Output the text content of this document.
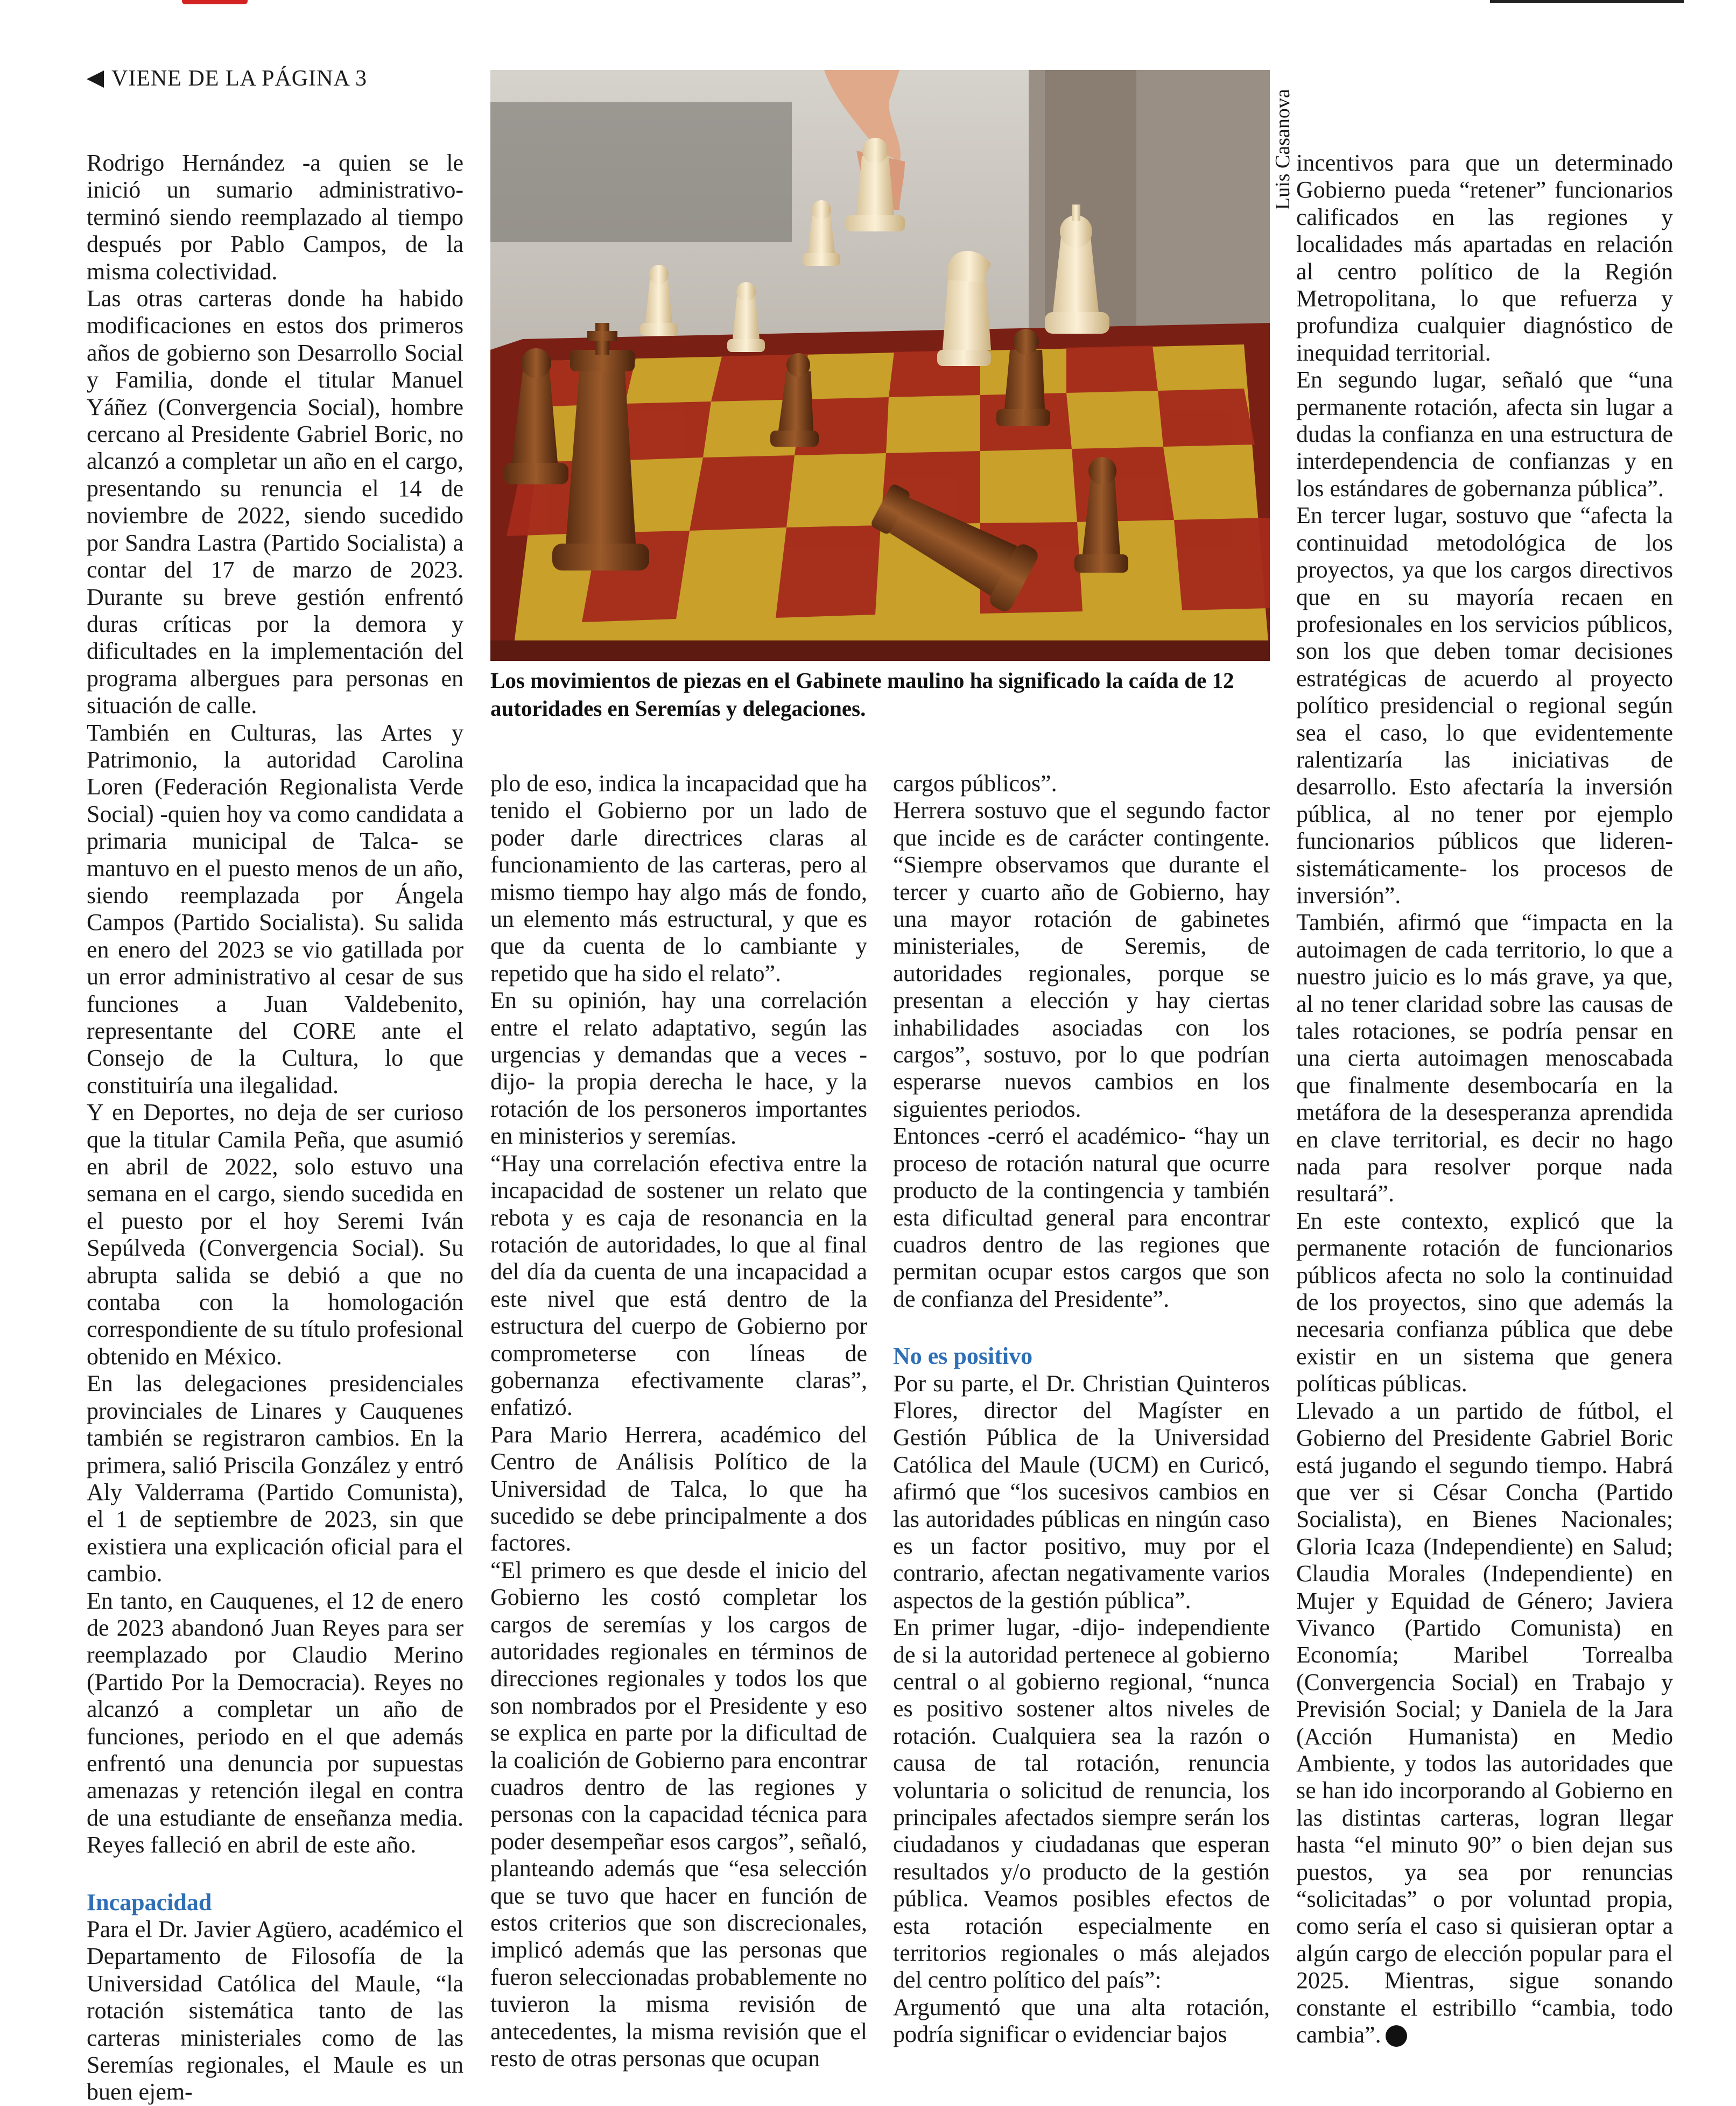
VIENE DE LA PÁGINA 3
Luis Casanova
Los movimientos de piezas en el Gabinete maulino ha significado la caída de 12 autoridades en Seremías y delegaciones.

Rodrigo Hernández -a quien se le inició un sumario administrativo- terminó siendo reemplazado al tiempo después por Pablo Campos, de la misma colectividad.

Las otras carteras donde ha habido modificaciones en estos dos primeros años de gobierno son Desarrollo Social y Familia, donde el titular Manuel Yáñez (Convergencia Social), hombre cercano al Presidente Gabriel Boric, no alcanzó a completar un año en el cargo, presentando su renuncia el 14 de noviembre de 2022, siendo sucedido por Sandra Lastra (Partido Socialista) a contar del 17 de marzo de 2023. Durante su breve gestión enfrentó duras críticas por la demora y dificultades en la implementación del programa albergues para personas en situación de calle.

También en Culturas, las Artes y Patrimonio, la autoridad Carolina Loren (Federación Regionalista Verde Social) -quien hoy va como candidata a primaria municipal de Talca- se mantuvo en el puesto menos de un año, siendo reemplazada por Ángela Campos (Partido Socialista). Su salida en enero del 2023 se vio gatillada por un error administrativo al cesar de sus funciones a Juan Valdebenito, representante del CORE ante el Consejo de la Cultura, lo que constituiría una ilegalidad.

Y en Deportes, no deja de ser curioso que la titular Camila Peña, que asumió en abril de 2022, solo estuvo una semana en el cargo, siendo sucedida en el puesto por el hoy Seremi Iván Sepúlveda (Convergencia Social). Su abrupta salida se debió a que no contaba con la homologación correspondiente de su título profesional obtenido en México.

En las delegaciones presidenciales provinciales de Linares y Cauquenes también se registraron cambios. En la primera, salió Priscila González y entró Aly Valderrama (Partido Comunista), el 1 de septiembre de 2023, sin que existiera una explicación oficial para el cambio.

En tanto, en Cauquenes, el 12 de enero de 2023 abandonó Juan Reyes para ser reemplazado por Claudio Merino (Partido Por la Democracia). Reyes no alcanzó a completar un año de funciones, periodo en el que además enfrentó una denuncia por supuestas amenazas y retención ilegal en contra de una estudiante de enseñanza media. Reyes falleció en abril de este año.

Incapacidad

Para el Dr. Javier Agüero, académico el Departamento de Filosofía de la Universidad Católica del Maule, “la rotación sistemática tanto de las carteras ministeriales como de las Seremías regionales, el Maule es un buen ejem-

plo de eso, indica la incapacidad que ha tenido el Gobierno por un lado de poder darle directrices claras al funcionamiento de las carteras, pero al mismo tiempo hay algo más de fondo, un elemento más estructural, y que es que da cuenta de lo cambiante y repetido que ha sido el relato”.

En su opinión, hay una correlación entre el relato adaptativo, según las urgencias y demandas que a veces -dijo- la propia derecha le hace, y la rotación de los personeros importantes en ministerios y seremías.

“Hay una correlación efectiva entre la incapacidad de sostener un relato que rebota y es caja de resonancia en la rotación de autoridades, lo que al final del día da cuenta de una incapacidad a este nivel que está dentro de la estructura del cuerpo de Gobierno por comprometerse con líneas de gobernanza efectivamente claras”, enfatizó.

Para Mario Herrera, académico del Centro de Análisis Político de la Universidad de Talca, lo que ha sucedido se debe principalmente a dos factores.

“El primero es que desde el inicio del Gobierno les costó completar los cargos de seremías y los cargos de autoridades regionales en términos de direcciones regionales y todos los que son nombrados por el Presidente y eso se explica en parte por la dificultad de la coalición de Gobierno para encontrar cuadros dentro de las regiones y personas con la capacidad técnica para poder desempeñar esos cargos”, señaló, planteando además que “esa selección que se tuvo que hacer en función de estos criterios que son discrecionales, implicó además que las personas que fueron seleccionadas probablemente no tuvieron la misma revisión de antecedentes, la misma revisión que el resto de otras personas que ocupan

cargos públicos”.

Herrera sostuvo que el segundo factor que incide es de carácter contingente. “Siempre observamos que durante el tercer y cuarto año de Gobierno, hay una mayor rotación de gabinetes ministeriales, de Seremis, de autoridades regionales, porque se presentan a elección y hay ciertas inhabilidades asociadas con los cargos”, sostuvo, por lo que podrían esperarse nuevos cambios en los siguientes periodos.

Entonces -cerró el académico- “hay un proceso de rotación natural que ocurre producto de la contingencia y también esta dificultad general para encontrar cuadros dentro de las regiones que permitan ocupar estos cargos que son de confianza del Presidente”.

No es positivo

Por su parte, el Dr. Christian Quinteros Flores, director del Magíster en Gestión Pública de la Universidad Católica del Maule (UCM) en Curicó, afirmó que “los sucesivos cambios en las autoridades públicas en ningún caso es un factor positivo, muy por el contrario, afectan negativamente varios aspectos de la gestión pública”.

En primer lugar, -dijo- independiente de si la autoridad pertenece al gobierno central o al gobierno regional, “nunca es positivo sostener altos niveles de rotación. Cualquiera sea la razón o causa de tal rotación, renuncia voluntaria o solicitud de renuncia, los principales afectados siempre serán los ciudadanos y ciudadanas que esperan resultados y/o producto de la gestión pública. Veamos posibles efectos de esta rotación especialmente en territorios regionales o más alejados del centro político del país”:

Argumentó que una alta rotación, podría significar o evidenciar bajos

incentivos para que un determinado Gobierno pueda “retener” funcionarios calificados en las regiones y localidades más apartadas en relación al centro político de la Región Metropolitana, lo que refuerza y profundiza cualquier diagnóstico de inequidad territorial.

En segundo lugar, señaló que “una permanente rotación, afecta sin lugar a dudas la confianza en una estructura de interdependencia de confianzas y en los estándares de gobernanza pública”.

En tercer lugar, sostuvo que “afecta la continuidad metodológica de los proyectos, ya que los cargos directivos que en su mayoría recaen en profesionales en los servicios públicos, son los que deben tomar decisiones estratégicas de acuerdo al proyecto político presidencial o regional según sea el caso, lo que evidentemente ralentizaría las iniciativas de desarrollo. Esto afectaría la inversión pública, al no tener por ejemplo funcionarios públicos que lideren- sistemáticamente- los procesos de inversión”.

También, afirmó que “impacta en la autoimagen de cada territorio, lo que a nuestro juicio es lo más grave, ya que, al no tener claridad sobre las causas de tales rotaciones, se podría pensar en una cierta autoimagen menoscabada que finalmente desembocaría en la metáfora de la desesperanza aprendida en clave territorial, es decir no hago nada para resolver porque nada resultará”.

En este contexto, explicó que la permanente rotación de funcionarios públicos afecta no solo la continuidad de los proyectos, sino que además la necesaria confianza pública que debe existir en un sistema que genera políticas públicas.

Llevado a un partido de fútbol, el Gobierno del Presidente Gabriel Boric está jugando el segundo tiempo. Habrá que ver si César Concha (Partido Socialista), en Bienes Nacionales; Gloria Icaza (Independiente) en Salud; Claudia Morales (Independiente) en Mujer y Equidad de Género; Javiera Vivanco (Partido Comunista) en Economía; Maribel Torrealba (Convergencia Social) en Trabajo y Previsión Social; y Daniela de la Jara (Acción Humanista) en Medio Ambiente, y todos las autoridades que se han ido incorporando al Gobierno en las distintas carteras, logran llegar hasta “el minuto 90” o bien dejan sus puestos, ya sea por renuncias “solicitadas” o por voluntad propia, como sería el caso si quisieran optar a algún cargo de elección popular para el 2025. Mientras, sigue sonando constante el estribillo “cambia, todo cambia”.
